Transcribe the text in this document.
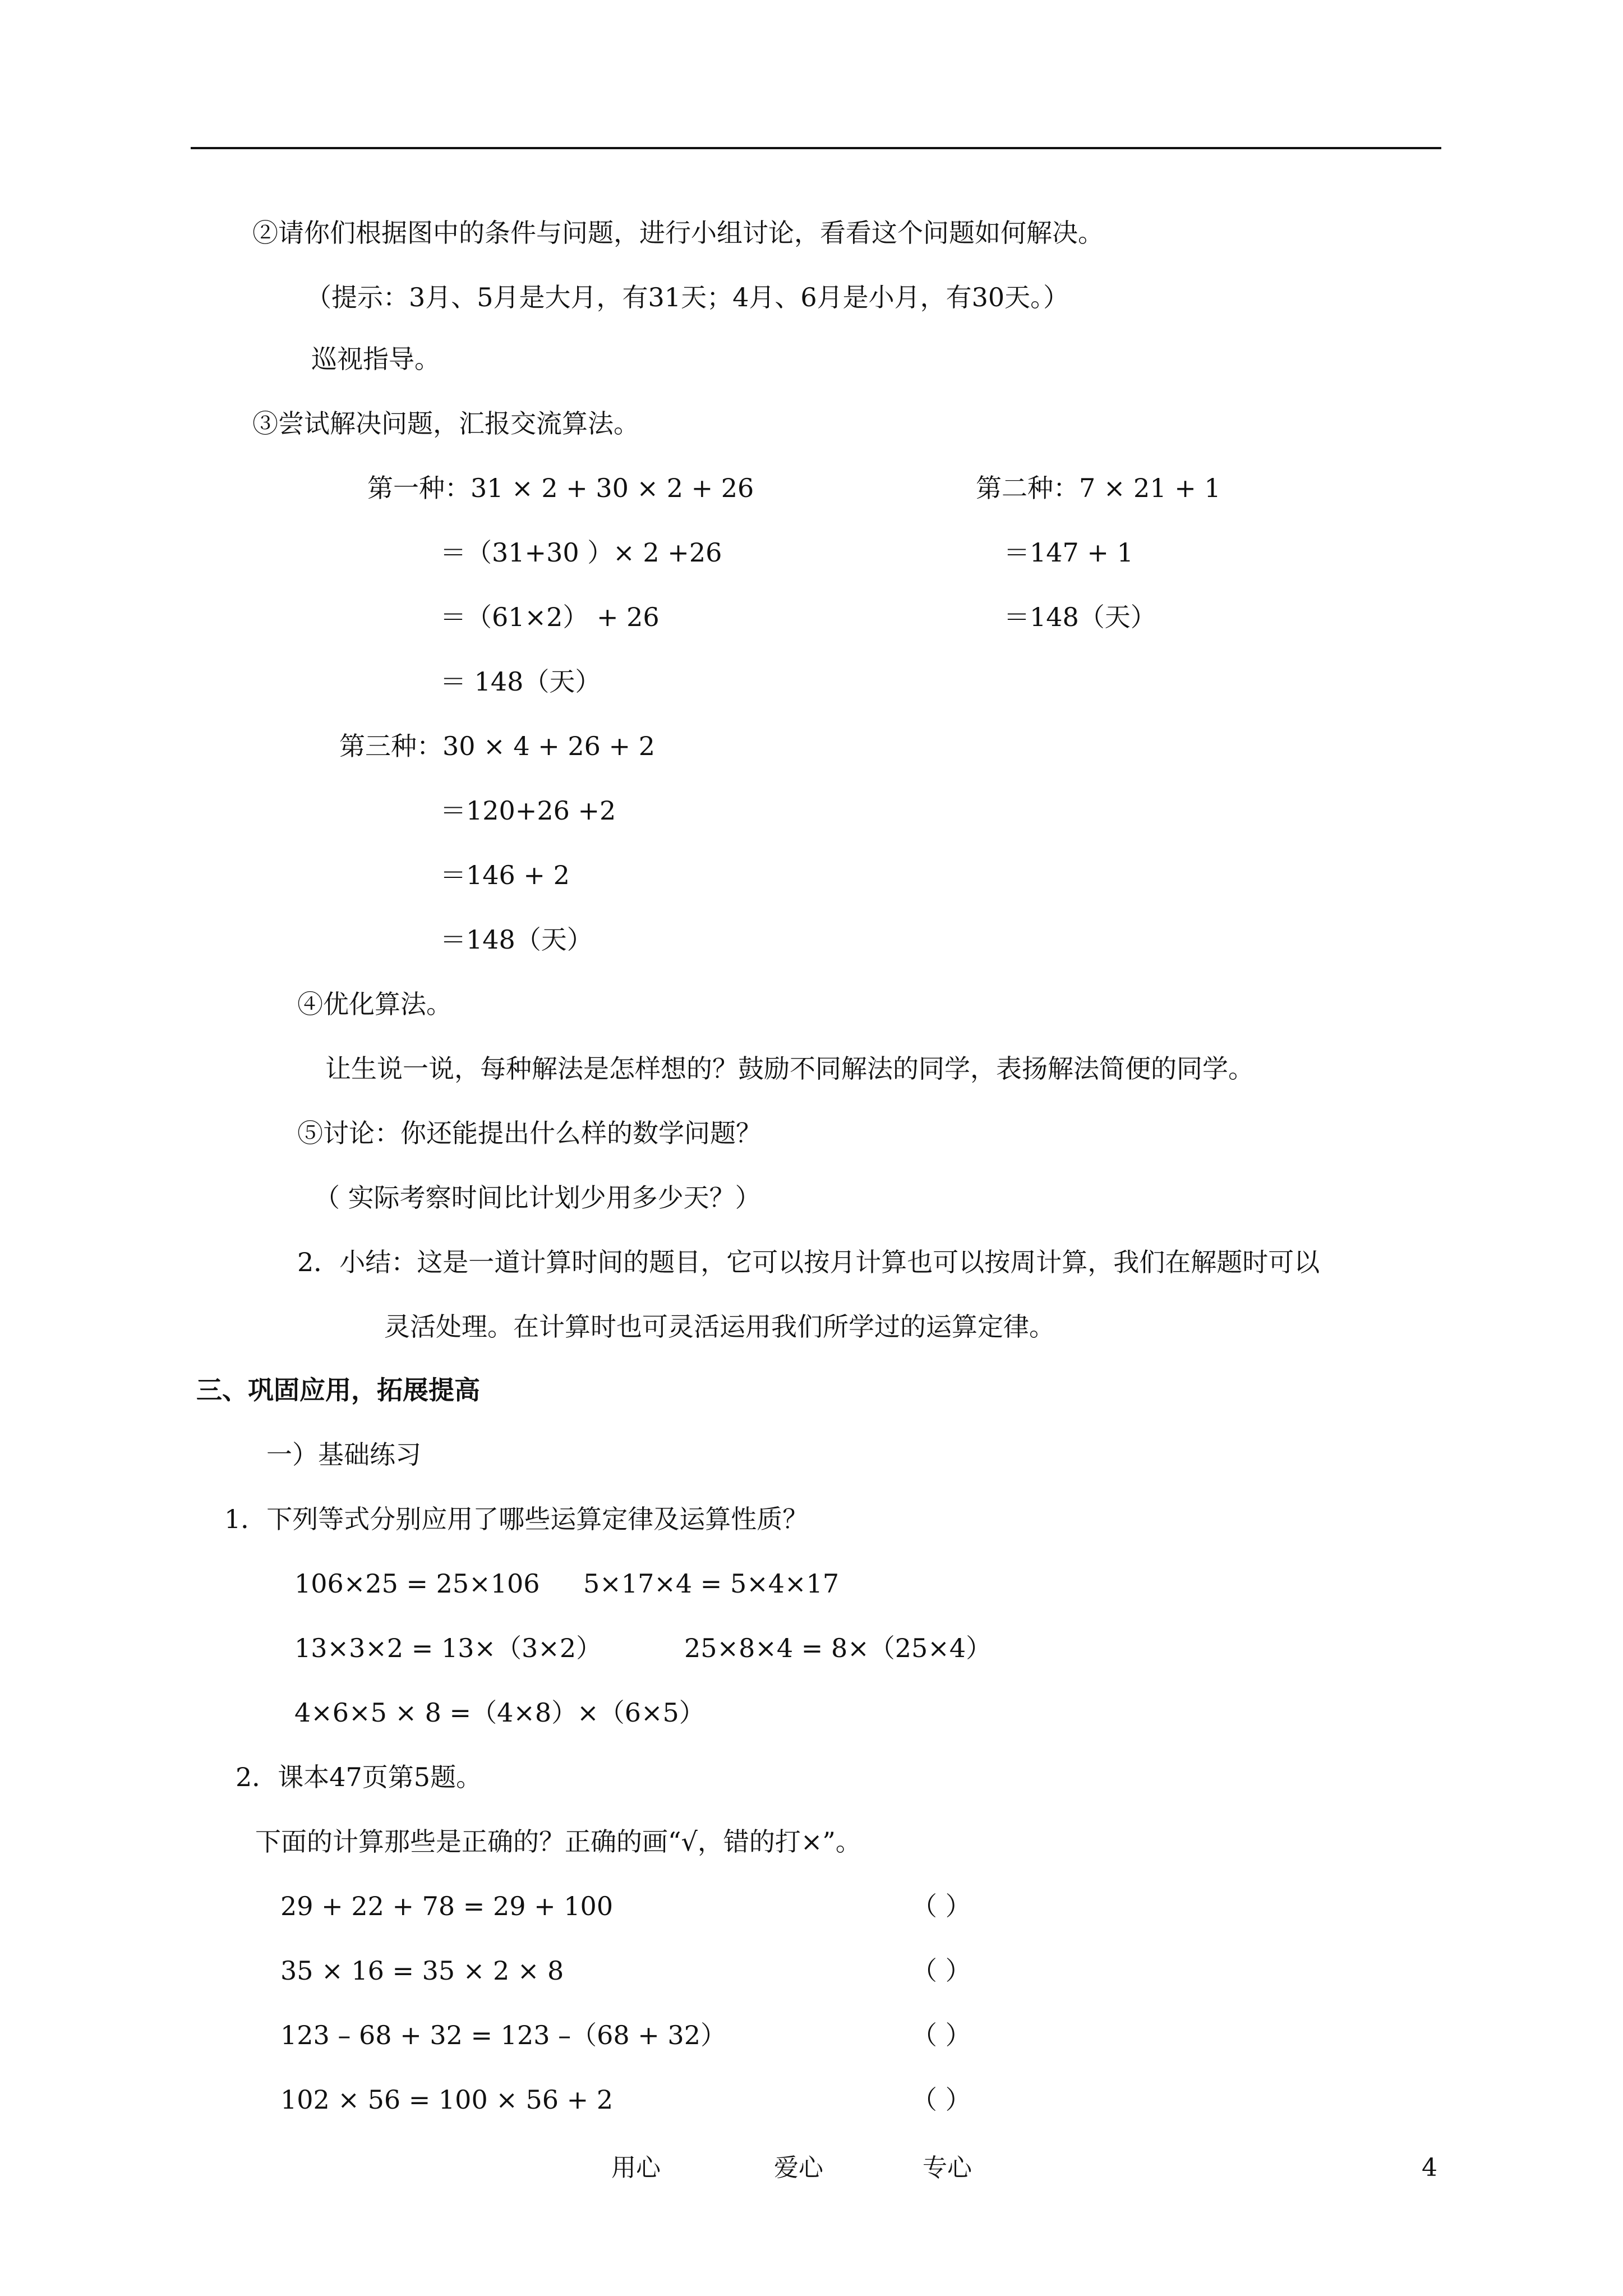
②请你们根据图中的条件与问题，进行小组讨论，看看这个问题如何解决。
（提示：3月、5月是大月，有31天；4月、6月是小月，有30天。）
巡视指导。
③尝试解决问题，汇报交流算法。
第一种：31 × 2 + 30 × 2 + 26
＝（31+30 ）× 2 +26
＝（61×2） + 26
＝ 148（天）
第二种：7 × 21 + 1
＝147 + 1
＝148（天）
第三种：30 × 4 + 26 + 2
＝120+26 +2
＝146 + 2
＝148（天）
④优化算法。
让生说一说，每种解法是怎样想的？鼓励不同解法的同学，表扬解法简便的同学。
⑤讨论：你还能提出什么样的数学问题？
（ 实际考察时间比计划少用多少天？）
2．小结：这是一道计算时间的题目，它可以按月计算也可以按周计算，我们在解题时可以
灵活处理。在计算时也可灵活运用我们所学过的运算定律。
三、巩固应用，拓展提高
一）基础练习
1．下列等式分别应用了哪些运算定律及运算性质？
106×25 = 25×106 5×17×4 = 5×4×17
13×3×2 = 13×（3×2）	25×8×4 = 8×（25×4）
4×6×5 × 8 =（4×8）×（6×5）
2．课本47页第5题。
下面的计算那些是正确的？正确的画“√，错的打×”。
29 + 22 + 78 = 29 + 100	（ ）
35 × 16 = 35 × 2 × 8	（ ）
123 – 68 + 32 = 123 –（68 + 32）	（ ）
102 × 56 = 100 × 56 + 2	（ ）
用心	爱心	专心	4
